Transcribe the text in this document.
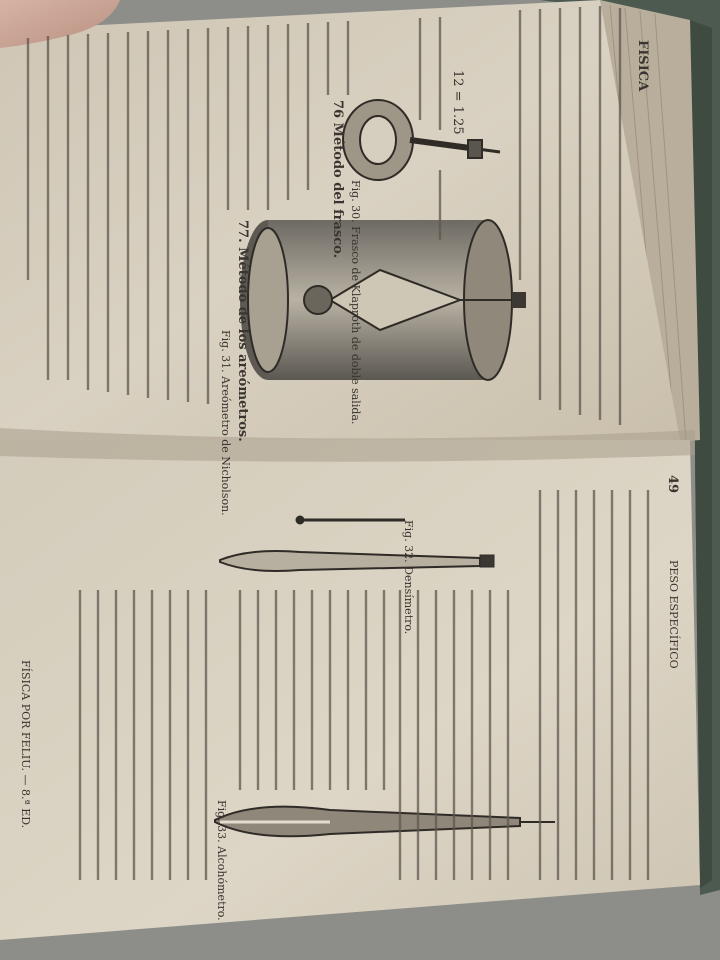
FISICA
12 = 1.25
76 Método del frasco.
77. Método de los areómetros.	Fig. 30. Frasco de Klaproth de doble salida.
Fig. 31. Areómetro de Nicholson.	49
PESO ESPECÍFICO
FÍSICA POR FELIU. — 8.ª ED.
Fig. 32. Densímetro.
Fig. 33. Alcohómetro.
